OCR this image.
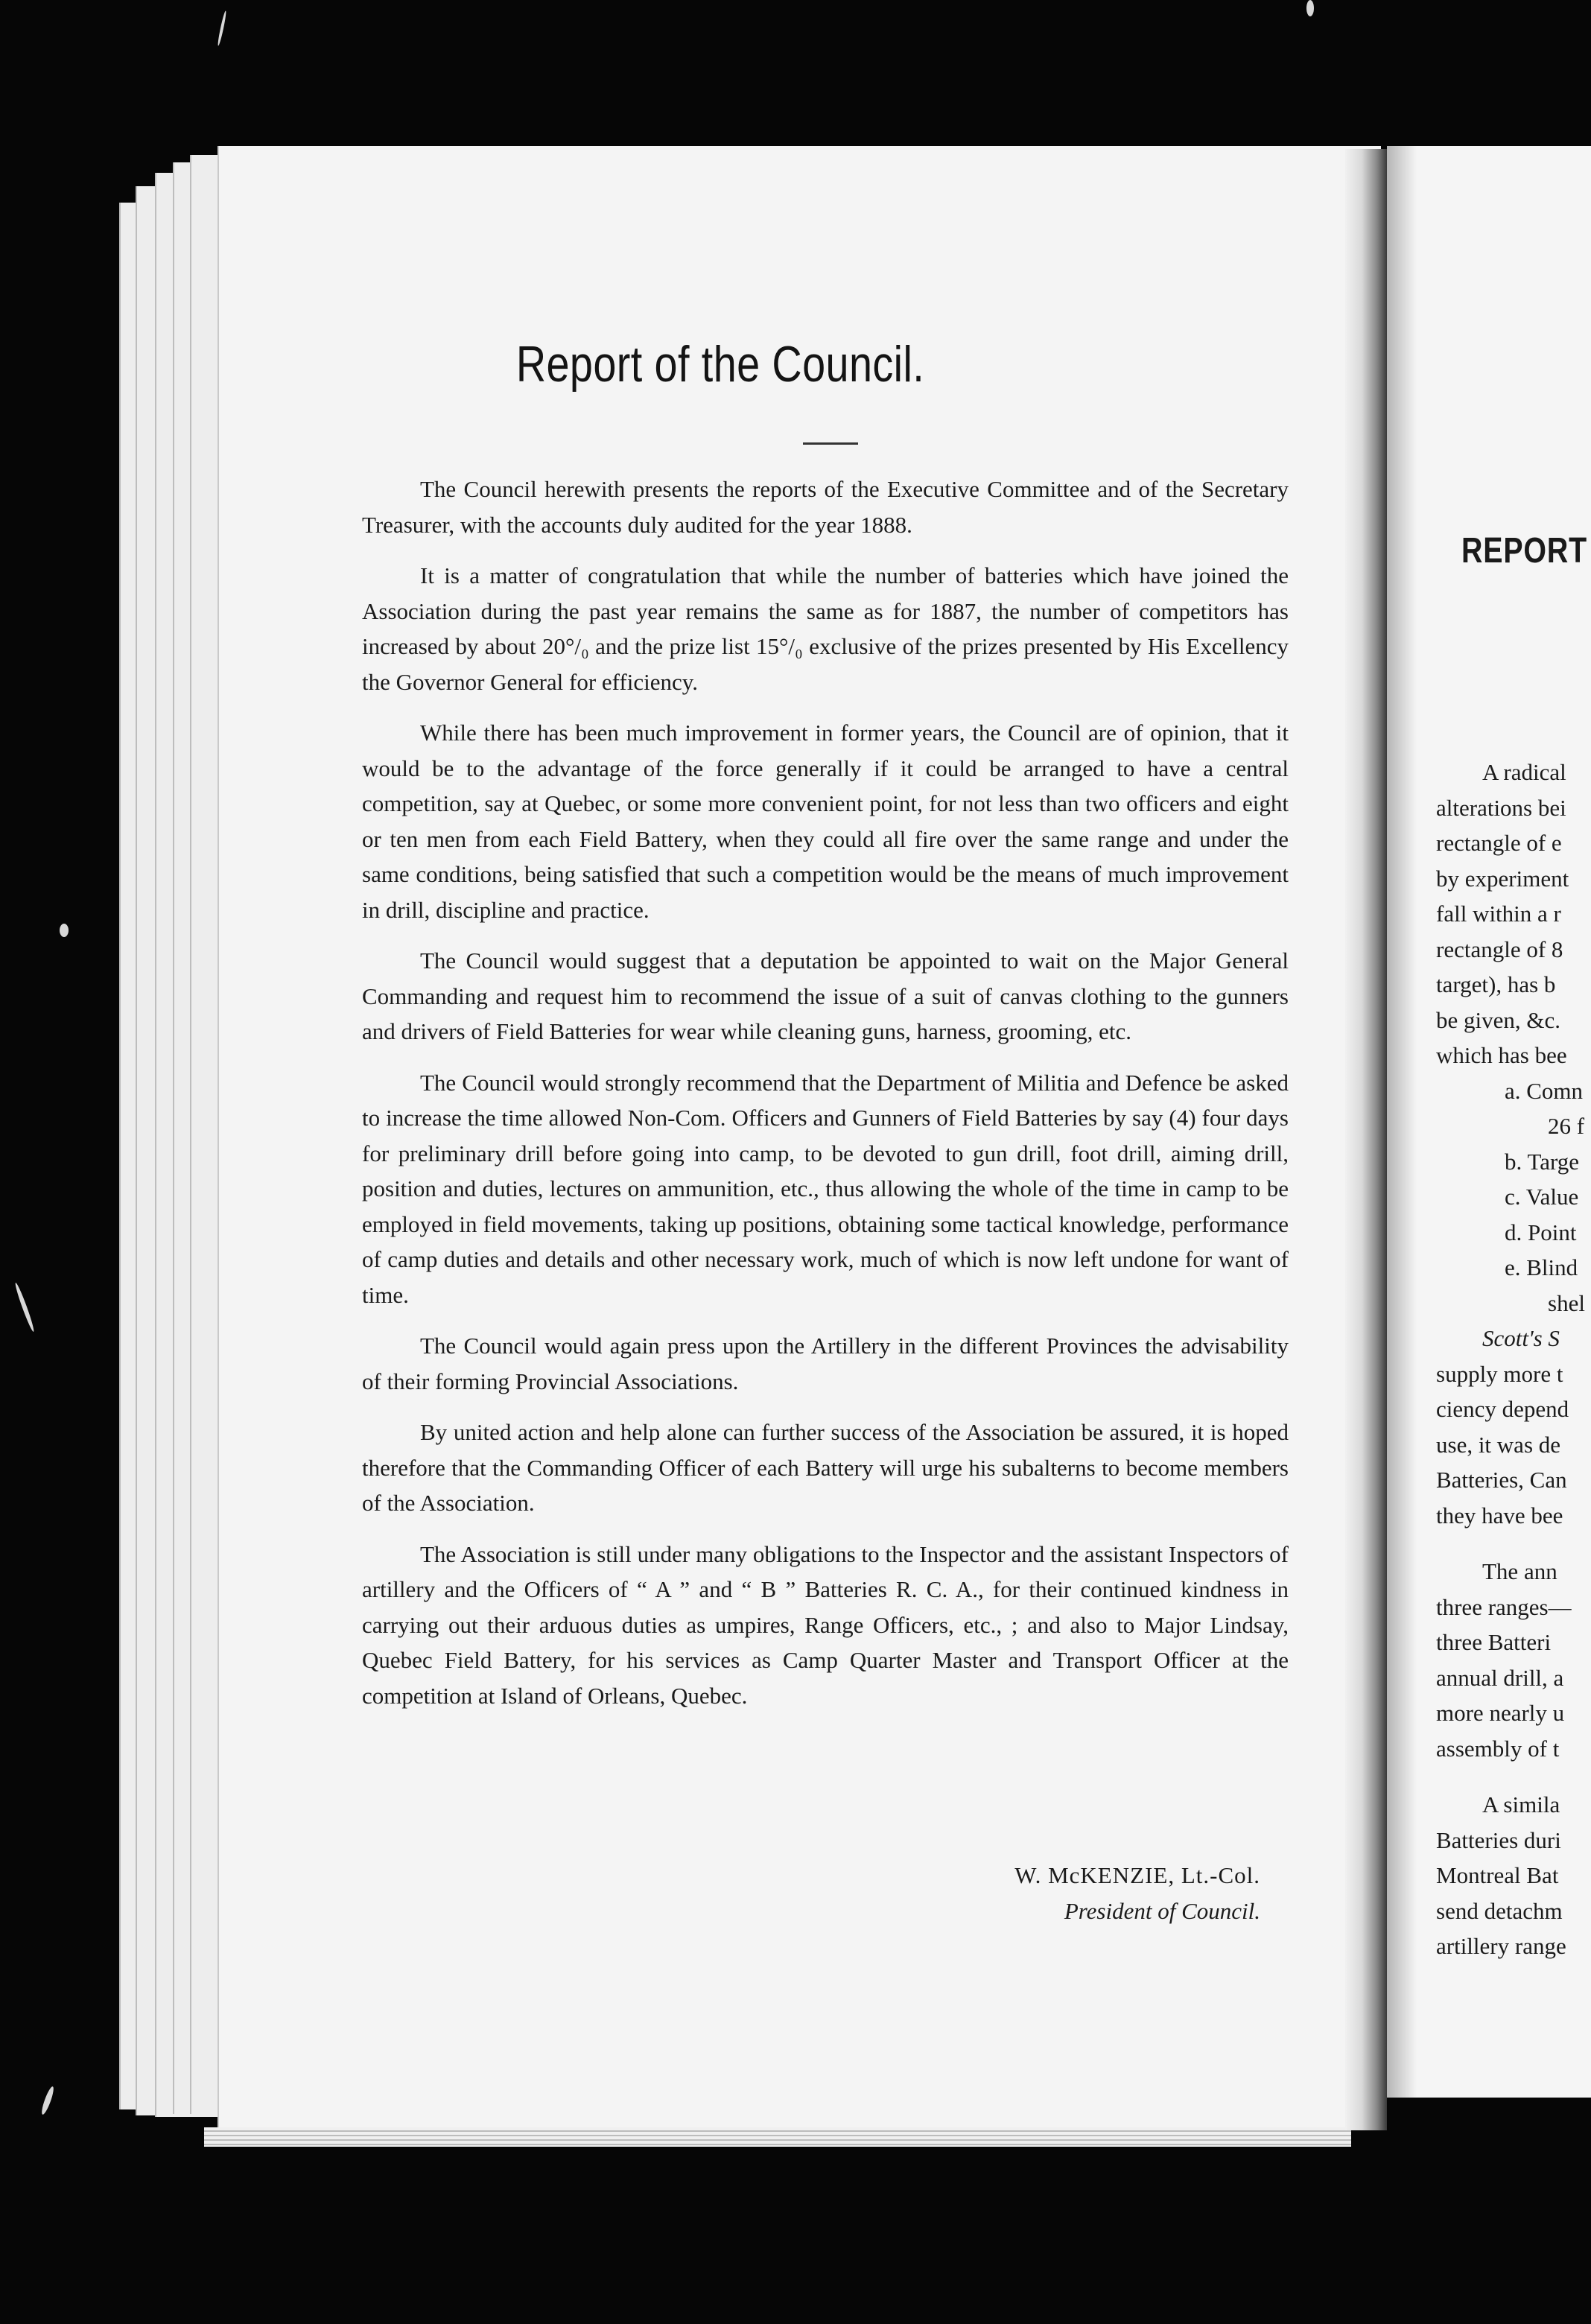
Report of the Council.

The Council herewith presents the reports of the Executive Committee and of the Secretary Treasurer, with the accounts duly audited for the year 1888.

It is a matter of congratulation that while the number of batteries which have joined the Association during the past year remains the same as for 1887, the number of competitors has increased by about 20°/₀ and the prize list 15°/₀ exclusive of the prizes presented by His Excellency the Governor General for efficiency.

While there has been much improvement in former years, the Council are of opinion, that it would be to the advantage of the force generally if it could be arranged to have a central competition, say at Quebec, or some more convenient point, for not less than two officers and eight or ten men from each Field Battery, when they could all fire over the same range and under the same conditions, being satisfied that such a competition would be the means of much improvement in drill, discipline and practice.

The Council would suggest that a deputation be appointed to wait on the Major General Commanding and request him to recommend the issue of a suit of canvas clothing to the gunners and drivers of Field Batteries for wear while cleaning guns, harness, grooming, etc.

The Council would strongly recommend that the Department of Militia and Defence be asked to increase the time allowed Non-Com. Officers and Gunners of Field Batteries by say (4) four days for preliminary drill before going into camp, to be devoted to gun drill, foot drill, aiming drill, position and duties, lectures on ammunition, etc., thus allowing the whole of the time in camp to be employed in field movements, taking up positions, obtaining some tactical knowledge, performance of camp duties and details and other necessary work, much of which is now left undone for want of time.

The Council would again press upon the Artillery in the different Provinces the advisability of their forming Provincial Associations.

By united action and help alone can further success of the Association be assured, it is hoped therefore that the Commanding Officer of each Battery will urge his subalterns to become members of the Association.

The Association is still under many obligations to the Inspector and the assistant Inspectors of artillery and the Officers of “ A ” and “ B ” Batteries R. C. A., for their continued kindness in carrying out their arduous duties as umpires, Range Officers, etc., ; and also to Major Lindsay, Quebec Field Battery, for his services as Camp Quarter Master and Transport Officer at the competition at Island of Orleans, Quebec.

W. McKENZIE, Lt.-Col.
President of Council.
REPORT
A radical
alterations bei
rectangle of e
by experiment
fall within a r
rectangle of 8
target), has b
be given, &c.
which has bee
a. Comn
26 f
b. Targe
c. Value
d. Point
e. Blind
shel
Scott's S
supply more t
ciency depend
use, it was de
Batteries, Can
they have bee
The ann
three ranges—
three Batteri
annual drill, a
more nearly u
assembly of t
A simila
Batteries duri
Montreal Bat
send detachm
artillery range
